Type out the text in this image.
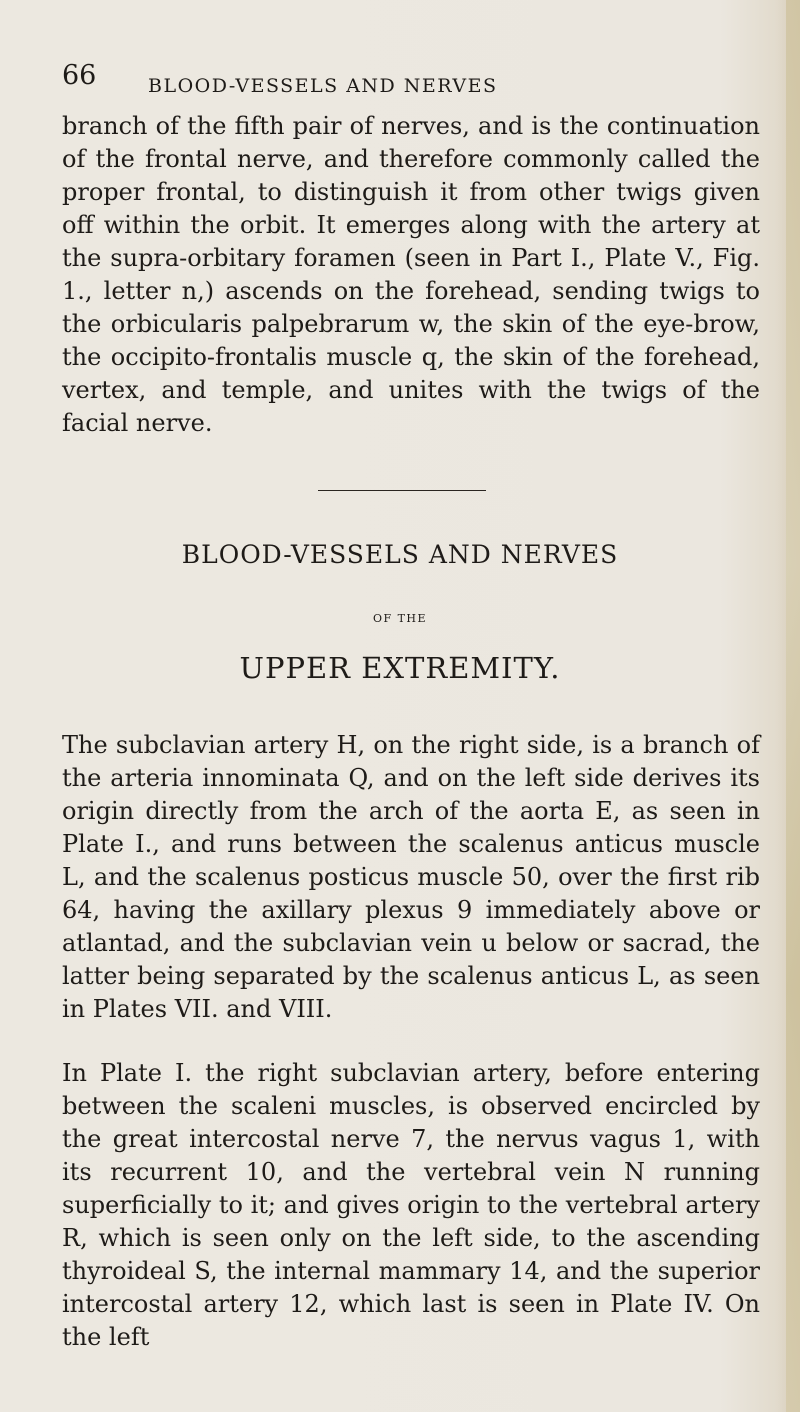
66	BLOOD-VESSELS AND NERVES

branch of the fifth pair of nerves, and is the continuation of the frontal nerve, and therefore commonly called the proper frontal, to distinguish it from other twigs given off within the orbit. It emerges along with the artery at the supra-orbitary foramen (seen in Part I., Plate V., Fig. 1., letter n,) ascends on the forehead, sending twigs to the orbicularis palpebrarum w, the skin of the eye-brow, the occipito-frontalis muscle q, the skin of the forehead, vertex, and temple, and unites with the twigs of the facial nerve.

BLOOD-VESSELS AND NERVES
OF THE
UPPER EXTREMITY.

The subclavian artery H, on the right side, is a branch of the arteria innominata Q, and on the left side derives its origin directly from the arch of the aorta E, as seen in Plate I., and runs between the scalenus anticus muscle L, and the scalenus posticus muscle 50, over the first rib 64, having the axillary plexus 9 immediately above or atlantad, and the subclavian vein u below or sacrad, the latter being separated by the scalenus anticus L, as seen in Plates VII. and VIII.

In Plate I. the right subclavian artery, before entering between the scaleni muscles, is observed encircled by the great intercostal nerve 7, the nervus vagus 1, with its recurrent 10, and the vertebral vein N running superficially to it; and gives origin to the vertebral artery R, which is seen only on the left side, to the ascending thyroideal S, the internal mammary 14, and the superior intercostal artery 12, which last is seen in Plate IV. On the left
